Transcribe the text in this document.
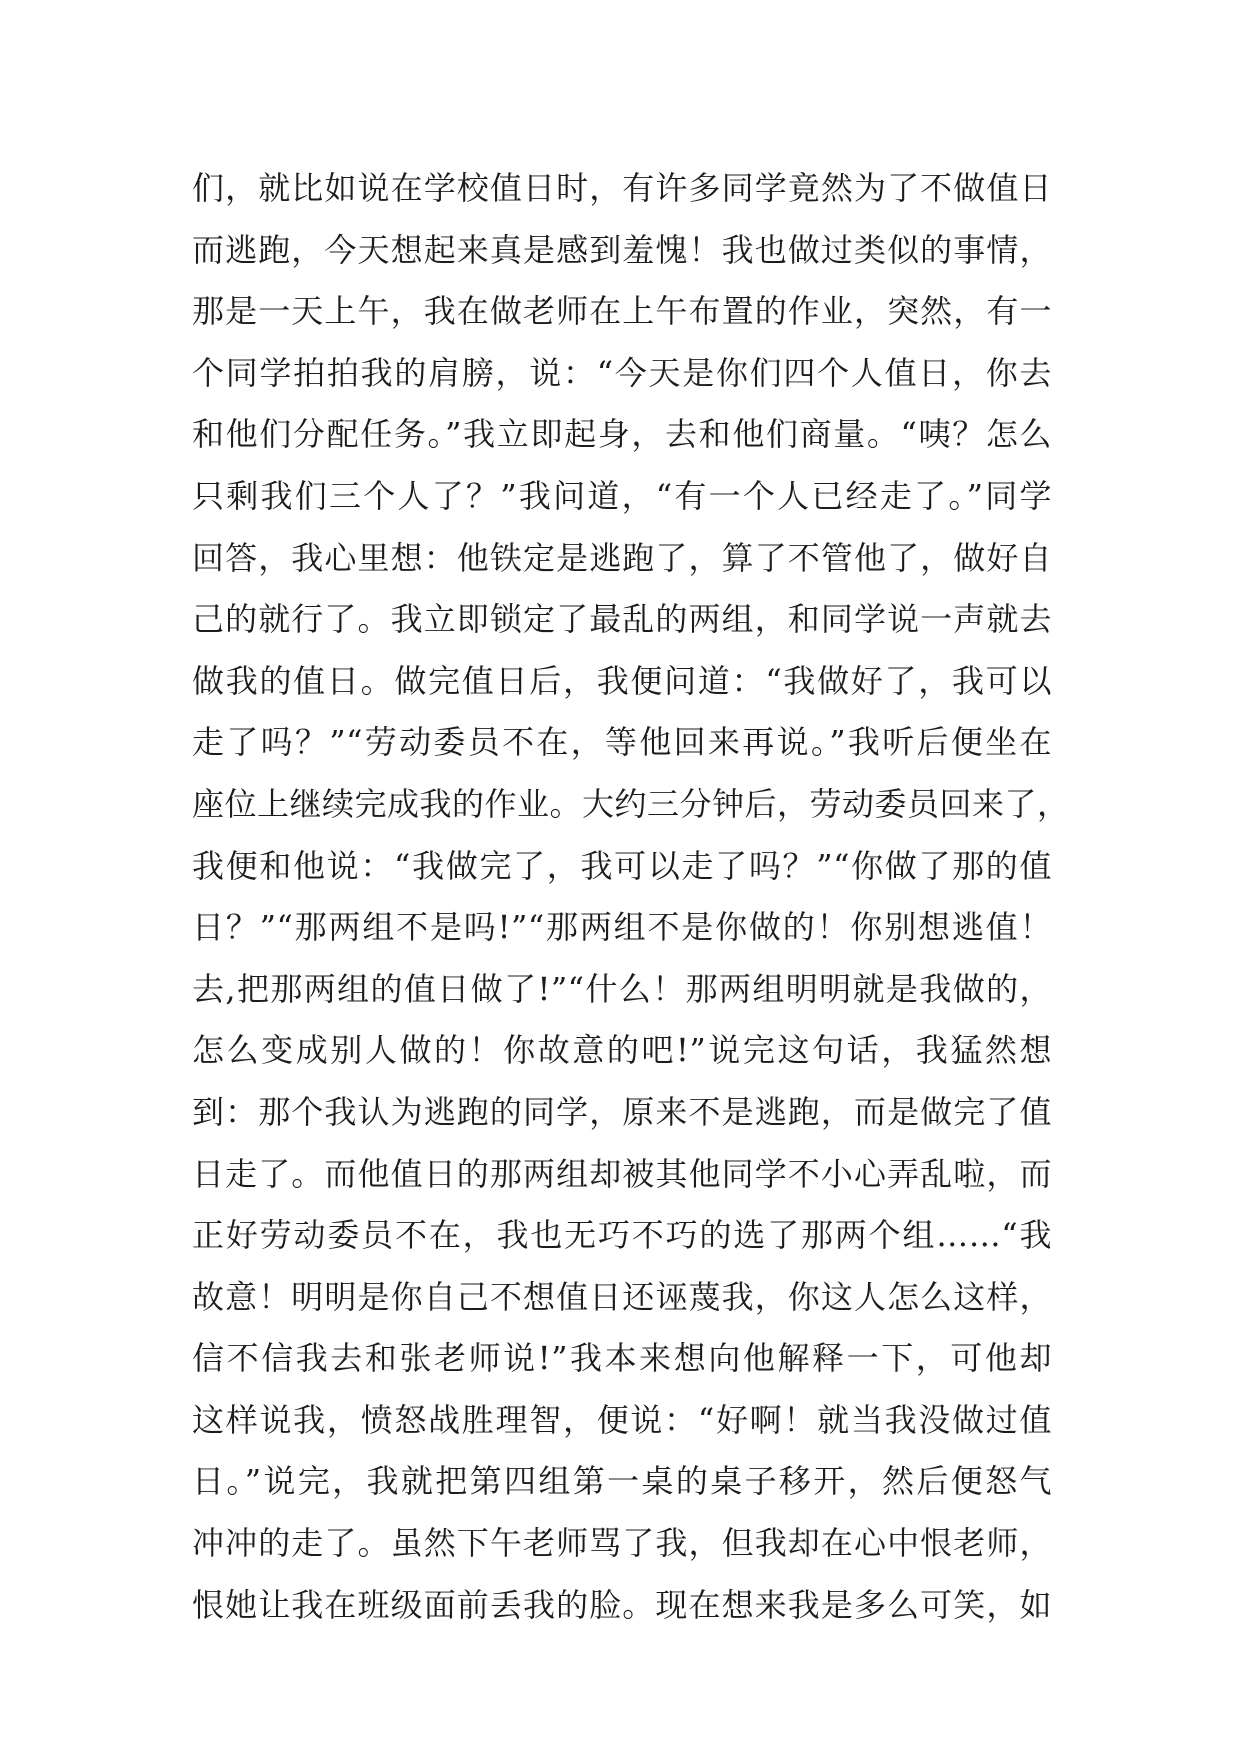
们，就比如说在学校值日时，有许多同学竟然为了不做值日
而逃跑，今天想起来真是感到羞愧！我也做过类似的事情，
那是一天上午，我在做老师在上午布置的作业，突然，有一
个同学拍拍我的肩膀，说：“今天是你们四个人值日，你去
和他们分配任务。”我立即起身，去和他们商量。“咦？怎么
只剩我们三个人了？”我问道，“有一个人已经走了。”同学
回答，我心里想：他铁定是逃跑了，算了不管他了，做好自
己的就行了。我立即锁定了最乱的两组，和同学说一声就去
做我的值日。做完值日后，我便问道：“我做好了，我可以
走了吗？”“劳动委员不在，等他回来再说。”我听后便坐在
座位上继续完成我的作业。大约三分钟后，劳动委员回来了，
我便和他说：“我做完了，我可以走了吗？”“你做了那的值
日？”“那两组不是吗!”“那两组不是你做的！你别想逃值！
去,把那两组的值日做了!”“什么！那两组明明就是我做的，
怎么变成别人做的！你故意的吧!”说完这句话，我猛然想
到：那个我认为逃跑的同学，原来不是逃跑，而是做完了值
日走了。而他值日的那两组却被其他同学不小心弄乱啦，而
正好劳动委员不在，我也无巧不巧的选了那两个组……“我
故意！明明是你自己不想值日还诬蔑我，你这人怎么这样，
信不信我去和张老师说!”我本来想向他解释一下，可他却
这样说我，愤怒战胜理智，便说：“好啊！就当我没做过值
日。”说完，我就把第四组第一桌的桌子移开，然后便怒气
冲冲的走了。虽然下午老师骂了我，但我却在心中恨老师，
恨她让我在班级面前丢我的脸。现在想来我是多么可笑，如
